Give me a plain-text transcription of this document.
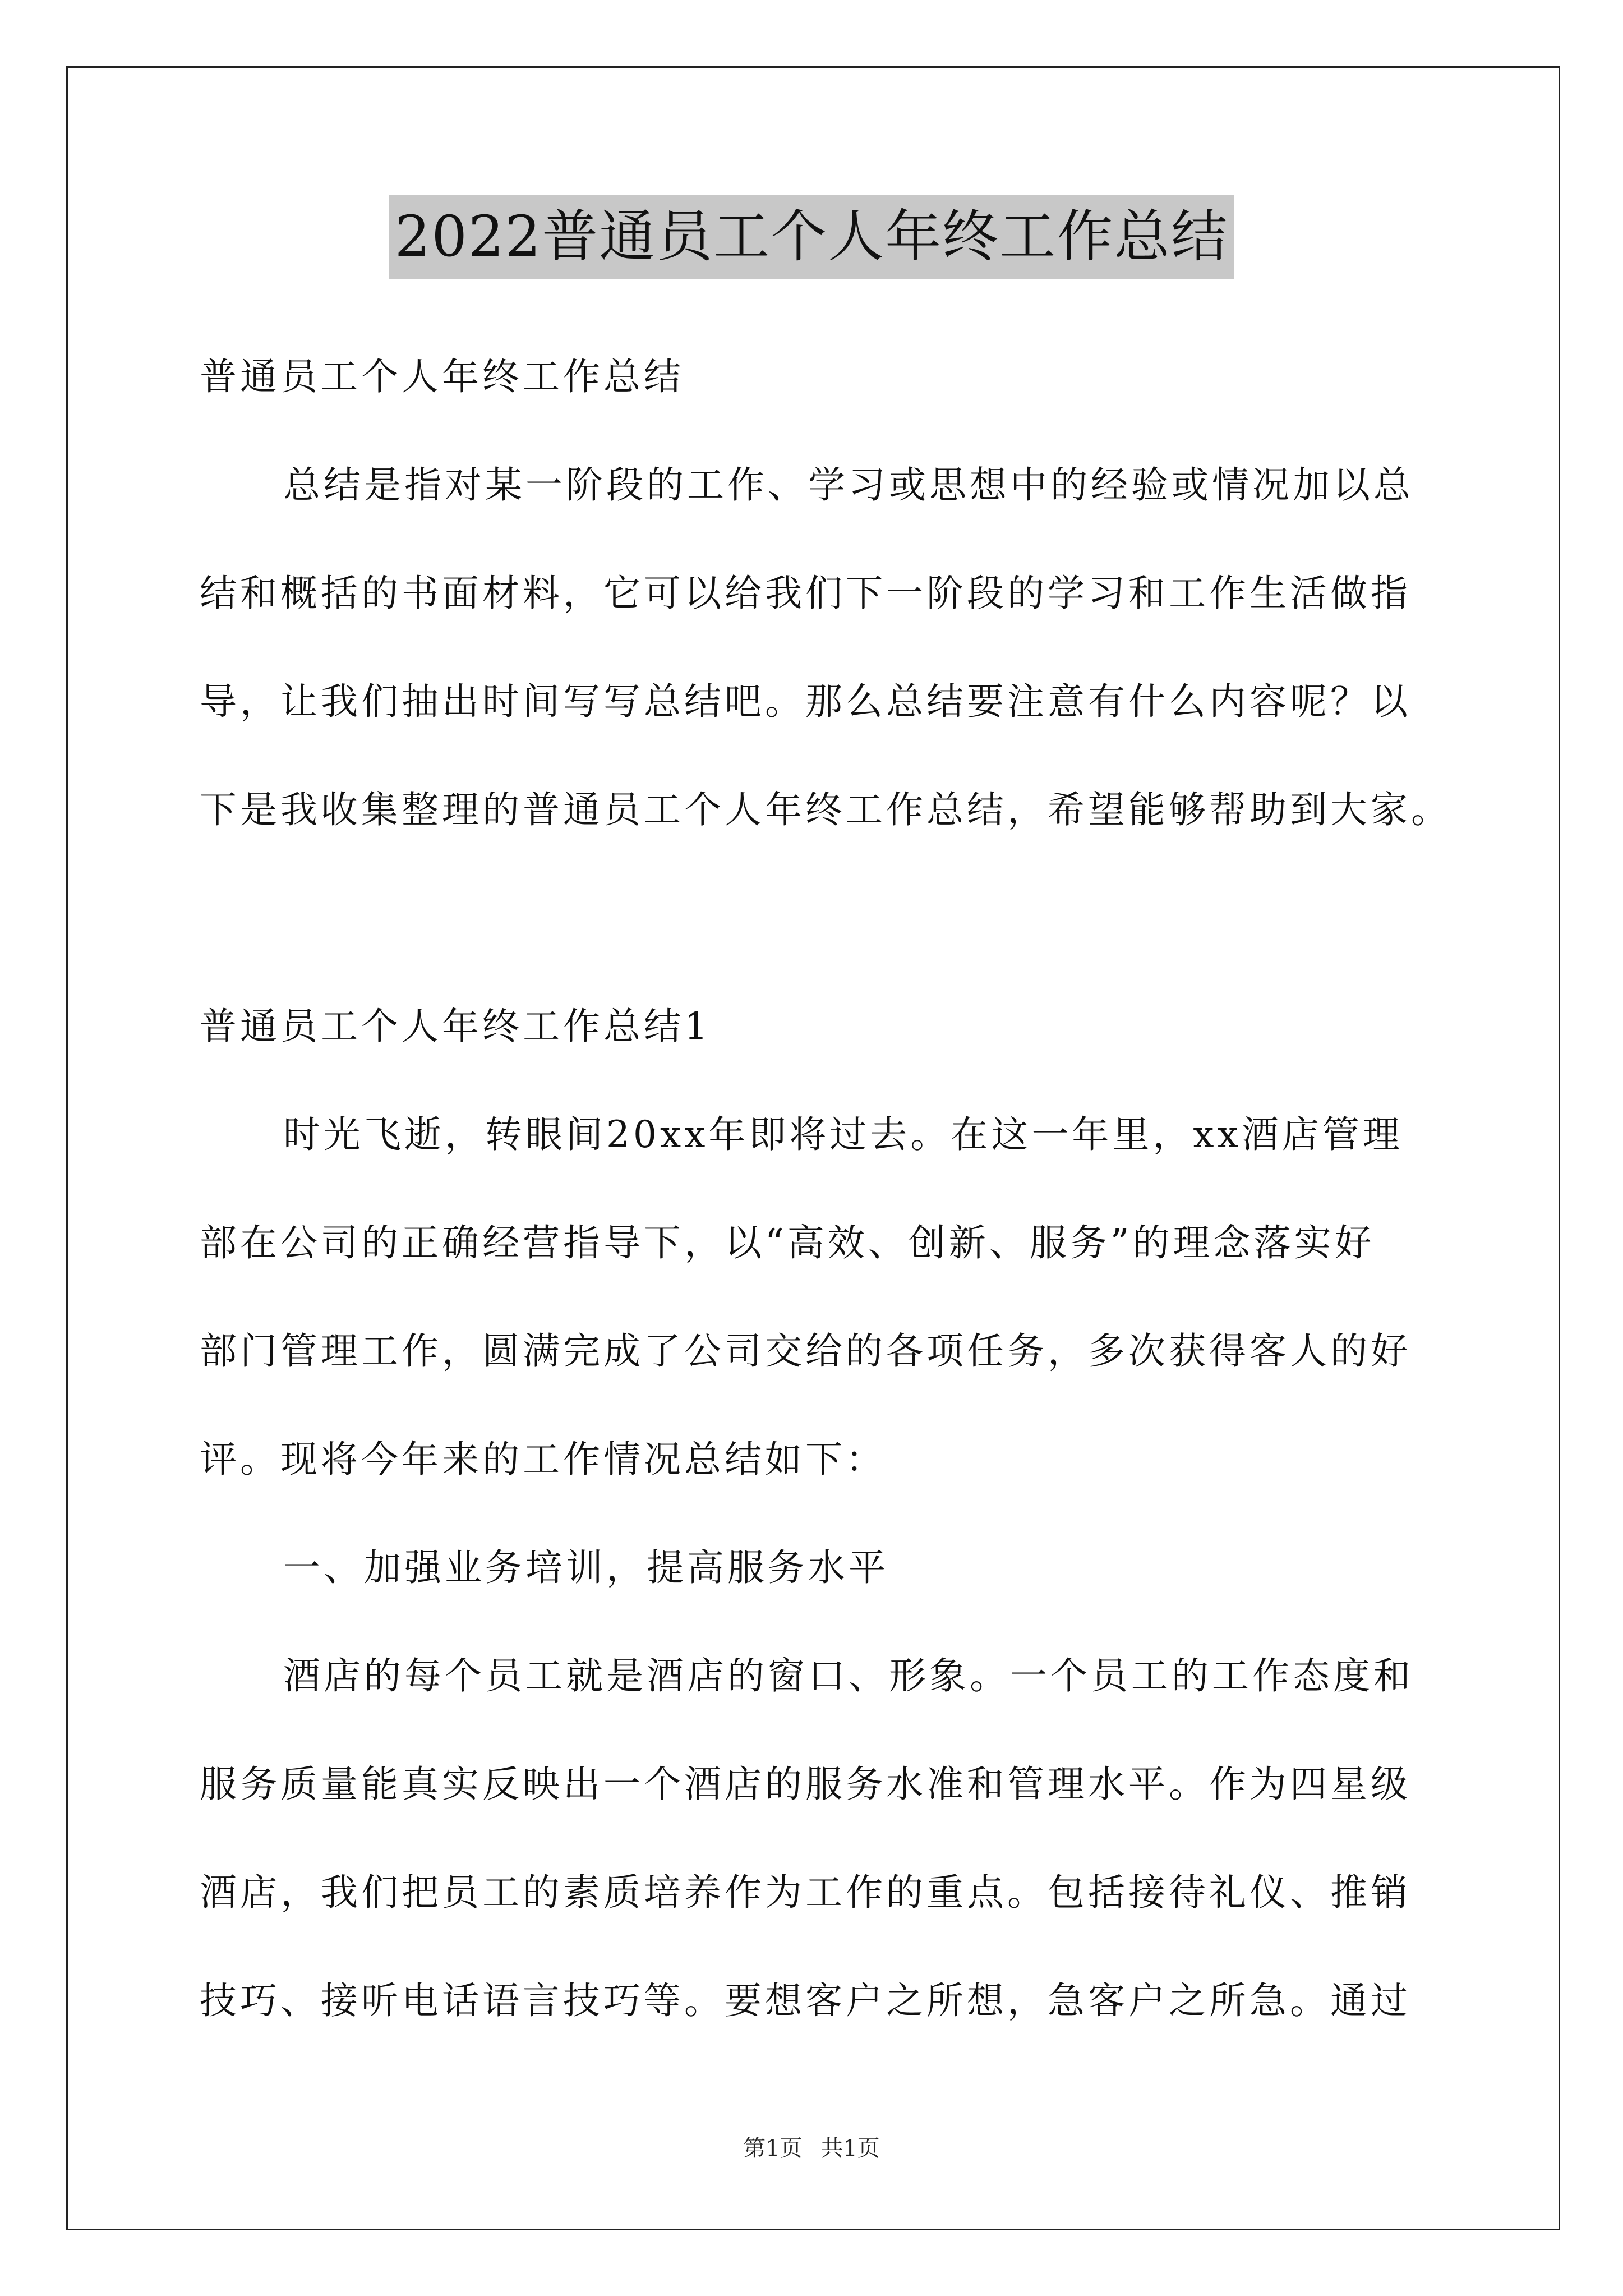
2022普通员工个人年终工作总结
普通员工个人年终工作总结
总结是指对某一阶段的工作、学习或思想中的经验或情况加以总
结和概括的书面材料，它可以给我们下一阶段的学习和工作生活做指
导，让我们抽出时间写写总结吧。那么总结要注意有什么内容呢？以
下是我收集整理的普通员工个人年终工作总结，希望能够帮助到大家。
普通员工个人年终工作总结1
时光飞逝，转眼间20xx年即将过去。在这一年里，xx酒店管理
部在公司的正确经营指导下，以“高效、创新、服务”的理念落实好
部门管理工作，圆满完成了公司交给的各项任务，多次获得客人的好
评。现将今年来的工作情况总结如下：
一、加强业务培训，提高服务水平
酒店的每个员工就是酒店的窗口、形象。一个员工的工作态度和
服务质量能真实反映出一个酒店的服务水准和管理水平。作为四星级
酒店，我们把员工的素质培养作为工作的重点。包括接待礼仪、推销
技巧、接听电话语言技巧等。要想客户之所想，急客户之所急。通过
第1页 共1页
